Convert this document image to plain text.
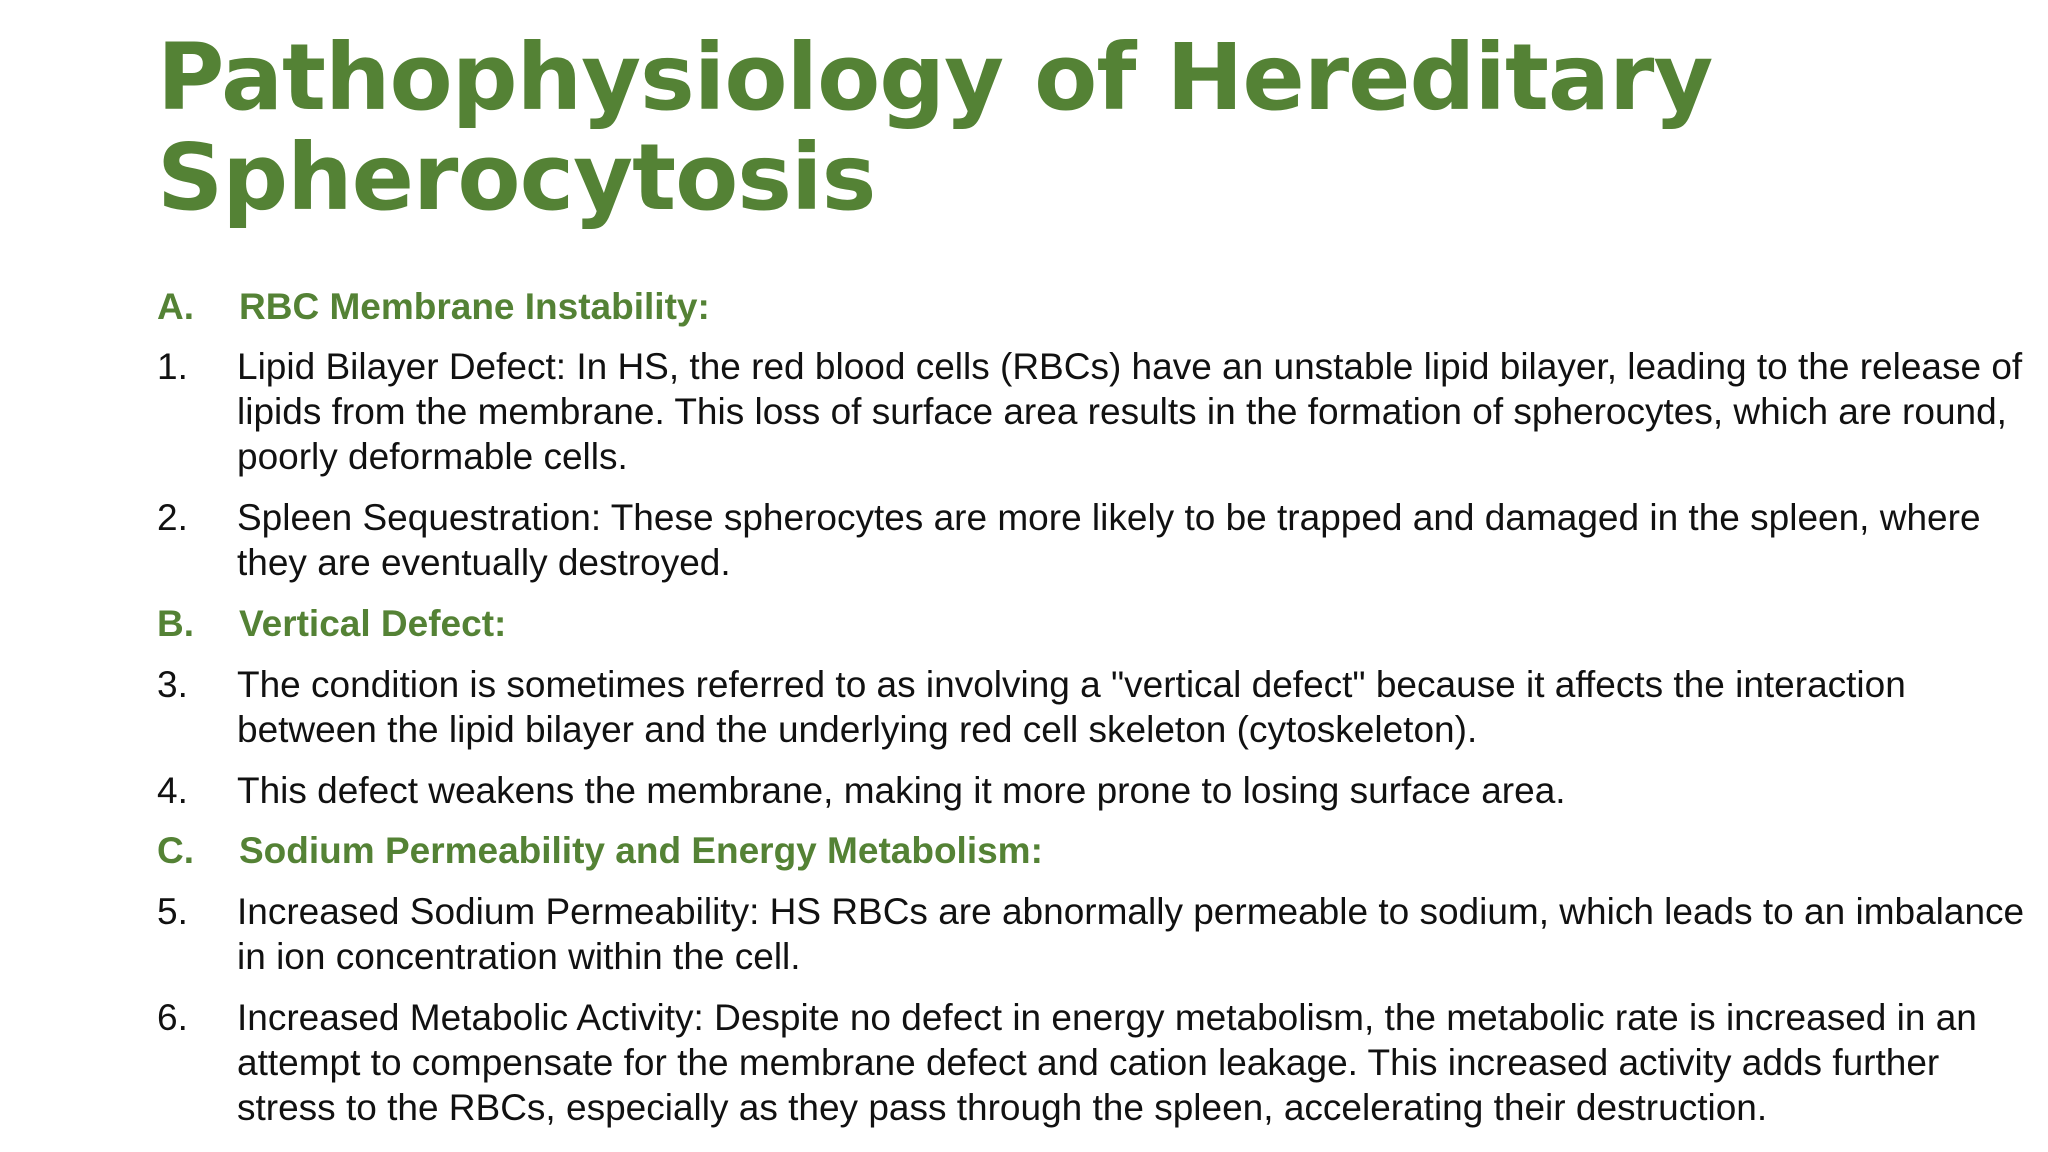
Pathophysiology of Hereditary Spherocytosis
A.	RBC Membrane Instability:
1.	Lipid Bilayer Defect: In HS, the red blood cells (RBCs) have an unstable lipid bilayer, leading to the release of lipids from the membrane. This loss of surface area results in the formation of spherocytes, which are round, poorly deformable cells.
2.	Spleen Sequestration: These spherocytes are more likely to be trapped and damaged in the spleen, where they are eventually destroyed.
B.	Vertical Defect:
3.	The condition is sometimes referred to as involving a "vertical defect" because it affects the interaction between the lipid bilayer and the underlying red cell skeleton (cytoskeleton).
4.	This defect weakens the membrane, making it more prone to losing surface area.
C.	Sodium Permeability and Energy Metabolism:
5.	Increased Sodium Permeability: HS RBCs are abnormally permeable to sodium, which leads to an imbalance in ion concentration within the cell.
6.	Increased Metabolic Activity: Despite no defect in energy metabolism, the metabolic rate is increased in an attempt to compensate for the membrane defect and cation leakage. This increased activity adds further stress to the RBCs, especially as they pass through the spleen, accelerating their destruction.
